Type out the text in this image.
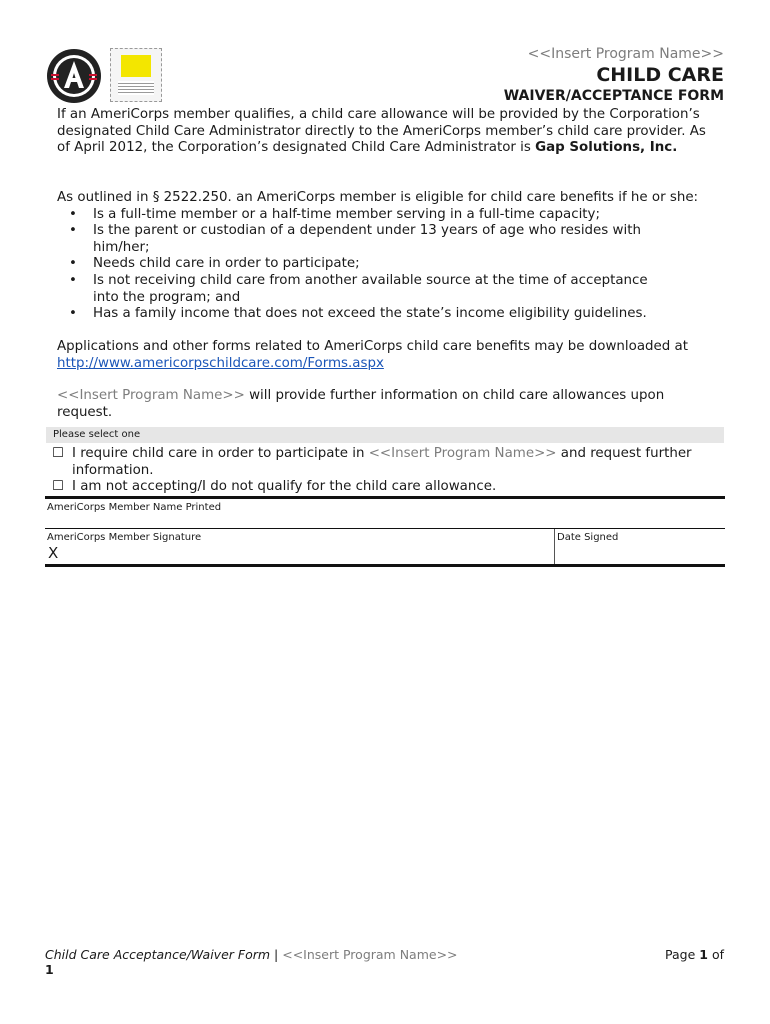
<<Insert Program Name>>
CHILD CARE
WAIVER/ACCEPTANCE FORM
If an AmeriCorps member qualifies, a child care allowance will be provided by the Corporation’s designated Child Care Administrator directly to the AmeriCorps member’s child care provider. As of April 2012, the Corporation’s designated Child Care Administrator is Gap Solutions, Inc.
As outlined in § 2522.250. an AmeriCorps member is eligible for child care benefits if he or she:
• Is a full-time member or a half-time member serving in a full-time capacity;
• Is the parent or custodian of a dependent under 13 years of age who resides with him/her;
• Needs child care in order to participate;
• Is not receiving child care from another available source at the time of acceptance into the program; and
• Has a family income that does not exceed the state’s income eligibility guidelines.
Applications and other forms related to AmeriCorps child care benefits may be downloaded at
http://www.americorpschildcare.com/Forms.aspx
<<Insert Program Name>> will provide further information on child care allowances upon request.
Please select one
☐ I require child care in order to participate in <<Insert Program Name>> and request further information.
☐ I am not accepting/I do not qualify for the child care allowance.
AmeriCorps Member Name Printed
AmeriCorps Member Signature
X
Date Signed
Child Care Acceptance/Waiver Form | <<Insert Program Name>>	Page 1 of
1
